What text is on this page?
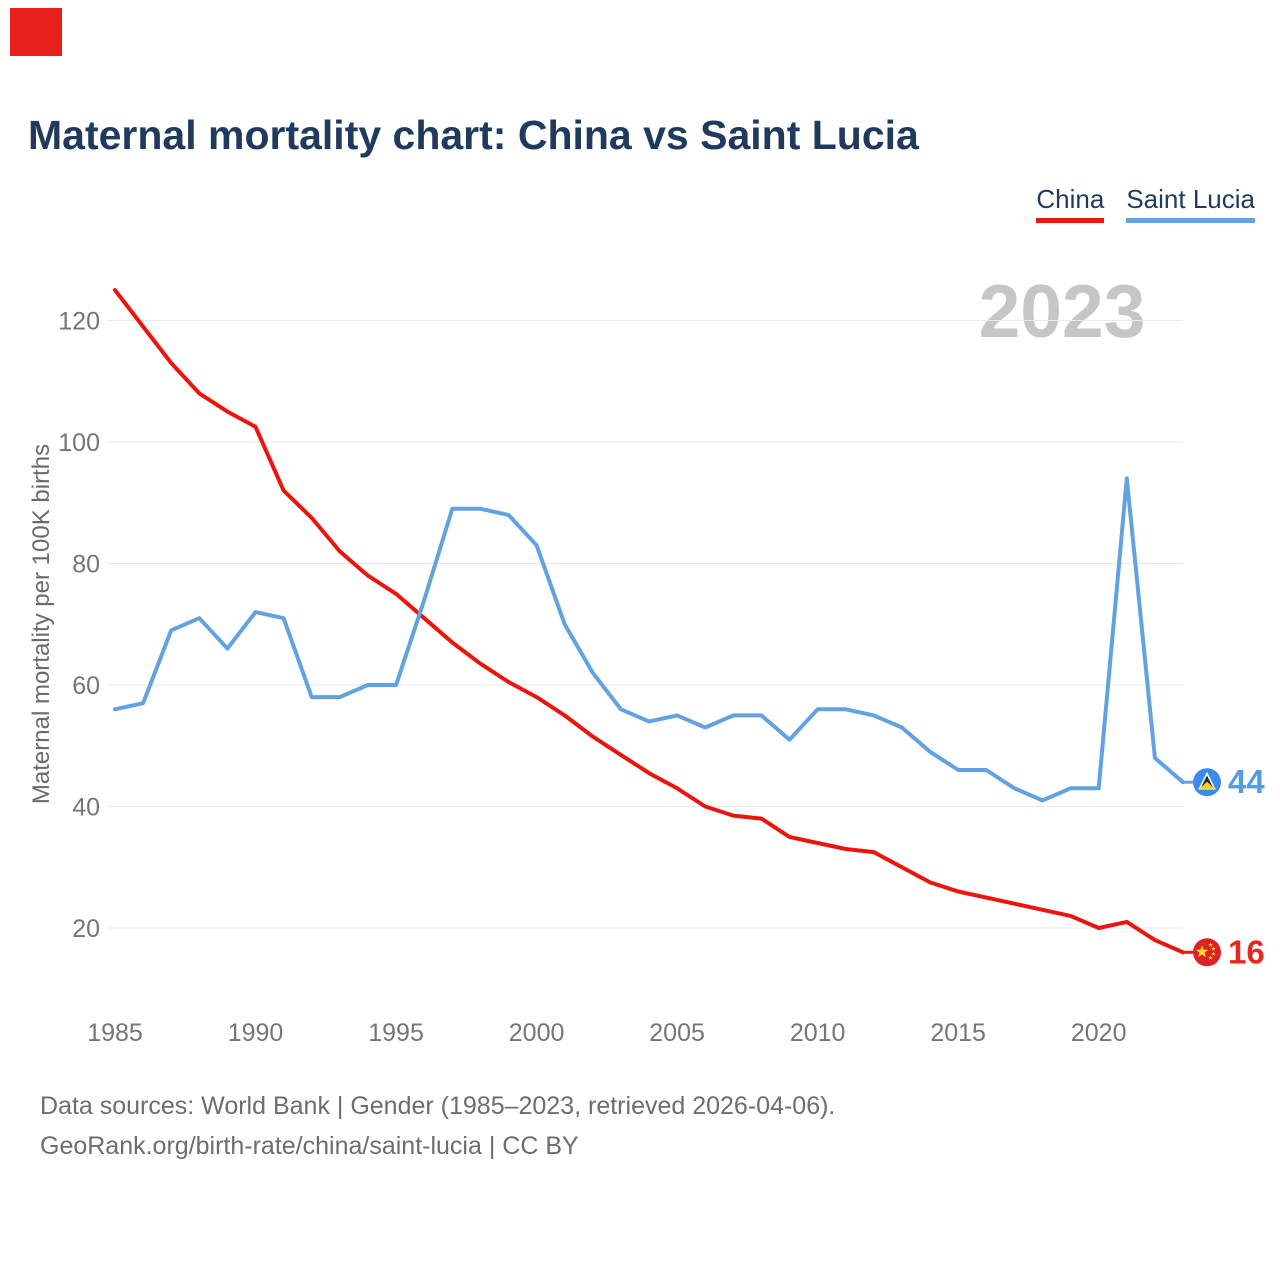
Maternal mortality chart: China vs Saint Lucia
China Saint Lucia
2023
Maternal mortality per 100K births
20
40
60
80
100
120
1985	1990	1995	2000	2005	2010	2015	2020
16
44
Data sources: World Bank | Gender (1985–2023, retrieved 2026-04-06).
GeoRank.org/birth-rate/china/saint-lucia | CC BY
